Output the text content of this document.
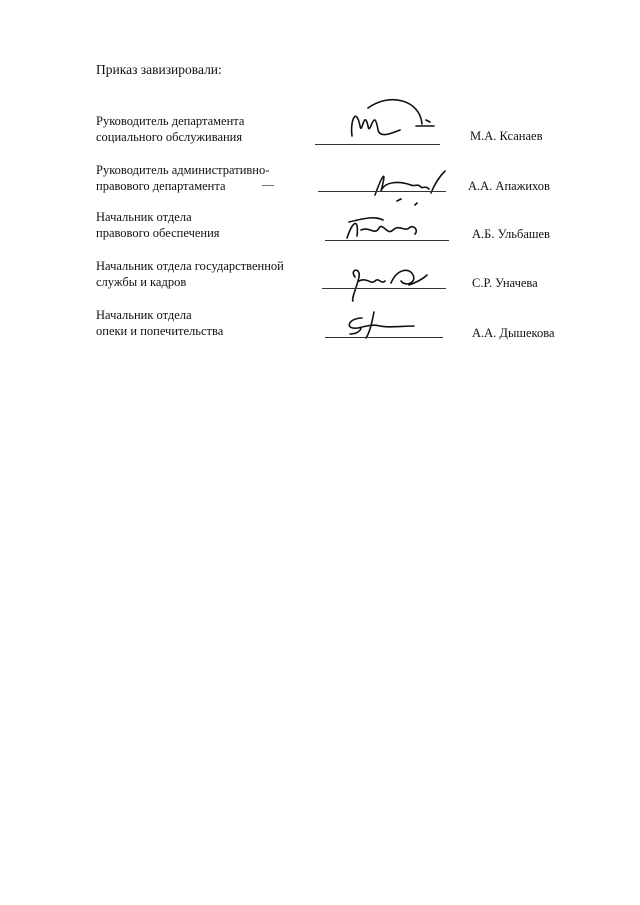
Приказ завизировали:
Руководитель департамента
социального обслуживания	М.А. Ксанаев
Руководитель административно-
правового департамента	—	А.А. Апажихов
Начальник отдела
правового обеспечения	А.Б. Ульбашев
Начальник отдела государственной
службы и кадров	С.Р. Уначева
Начальник отдела
опеки и попечительства	А.А. Дышекова
